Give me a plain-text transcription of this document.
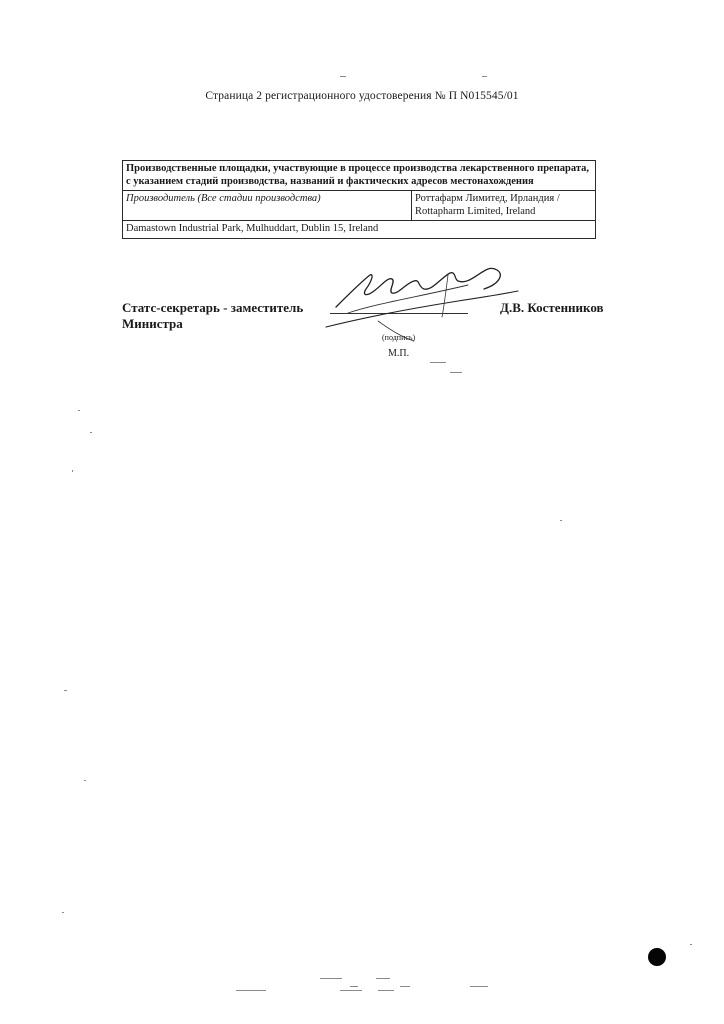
Страница 2 регистрационного удостоверения № П N015545/01
Производственные площадки, участвующие в процессе производства лекарственного препарата, с указанием стадий производства, названий и фактических адресов местонахождения
Производитель (Все стадии производства)	Роттафарм Лимитед, Ирландия /
Rottapharm Limited, Ireland
Damastown Industrial Park, Mulhuddart, Dublin 15, Ireland
Статс-секретарь - заместитель
Министра
Д.В. Костенников
(подпись)
М.П.
